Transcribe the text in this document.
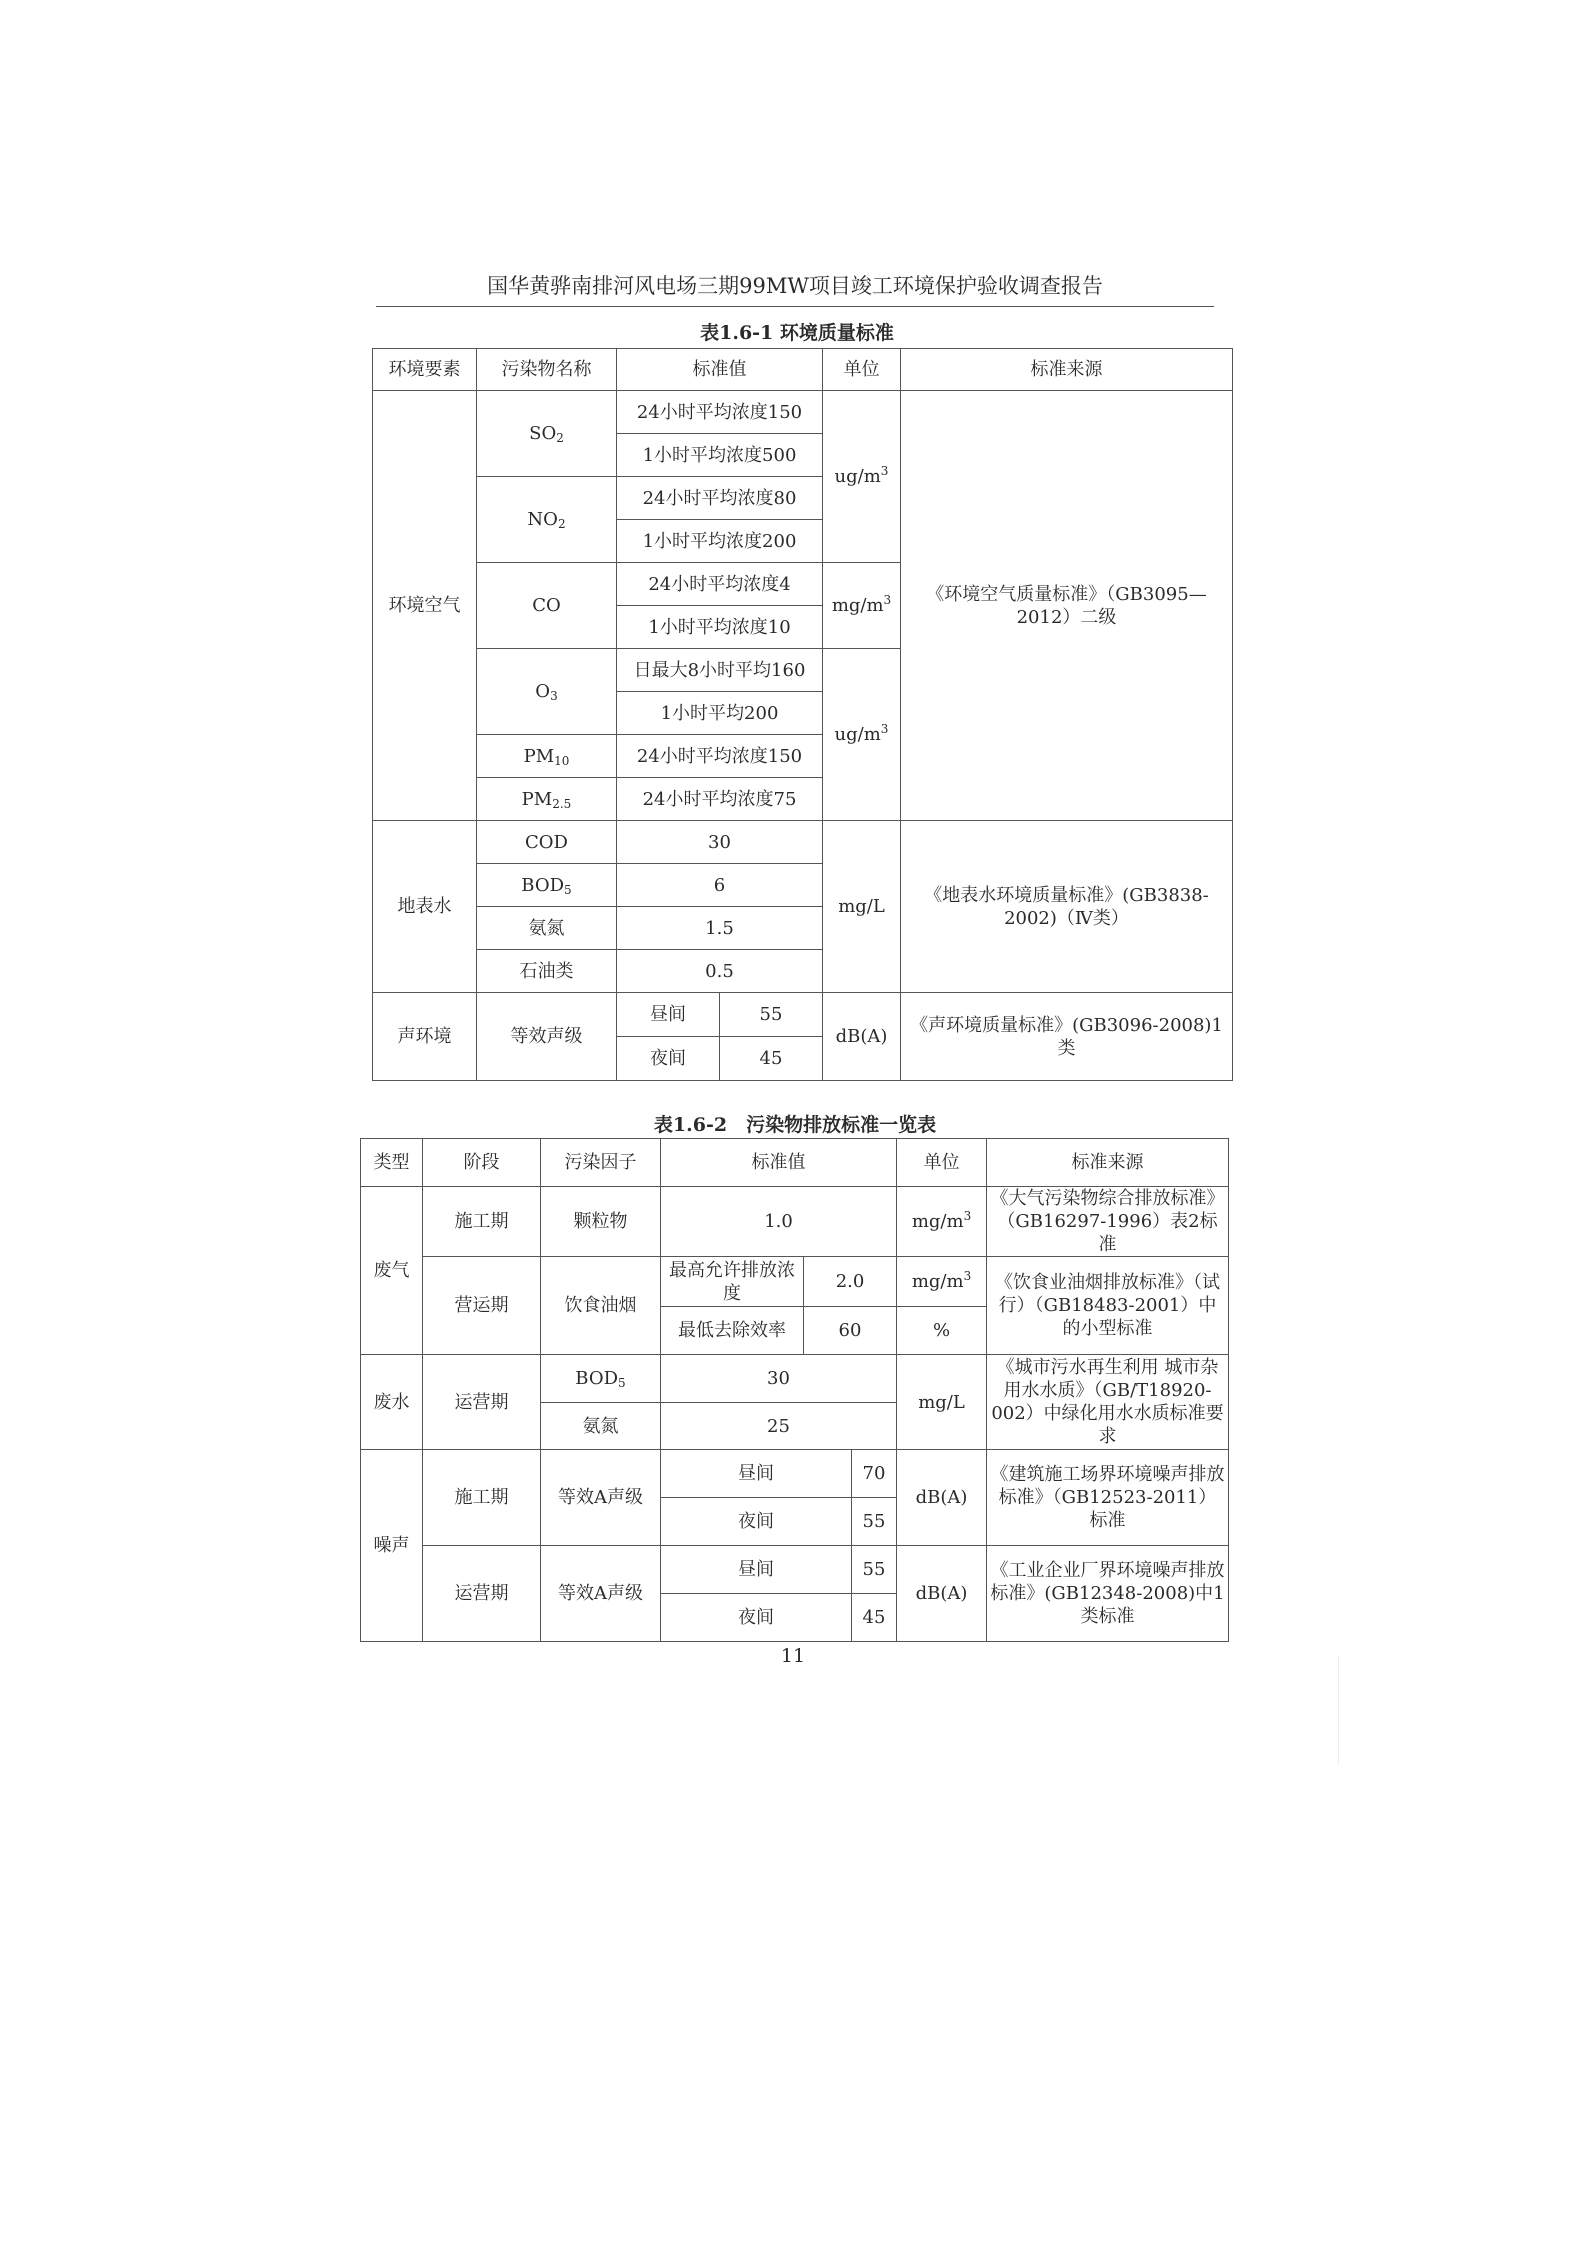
国华黄骅南排河风电场三期99MW项目竣工环境保护验收调查报告
表1.6-1 环境质量标准
环境要素	污染物名称	标准值	单位	标准来源
环境空气	$SO_2$	24小时平均浓度150	$ug/m^3$	《环境空气质量标准》（GB3095—2012）二级
		1小时平均浓度500		
	$NO_2$	24小时平均浓度80		
		1小时平均浓度200		
	CO	24小时平均浓度4	$mg/m^3$
		1小时平均浓度10		
	$O_3$	日最大8小时平均160	$ug/m^3$
		1小时平均200		
	$PM_{10}$	24小时平均浓度150		
	$PM_{2.5}$	24小时平均浓度75		
地表水	COD	30	mg/L	《地表水环境质量标准》(GB3838-2002)（Ⅳ类）
	$BOD_5$	6		
	氨氮	1.5		
	石油类	0.5		
声环境	等效声级	昼间 55	dB(A)	《声环境质量标准》(GB3096-2008)1类

夜间 45		
表1.6-2　污染物排放标准一览表
类型	阶段	污染因子	标准值			单位	标准来源
废气	施工期	颗粒物	1.0			$mg/m^3$	《大气污染物综合排放标准》（GB16297-1996）表2标准
	营运期	饮食油烟	最高允许排放浓度	2.0		$mg/m^3$	《饮食业油烟排放标准》（试行）（GB18483-2001）中的小型标准
			最低去除效率	60		%	
废水	运营期	$BOD_5$	30			mg/L	《城市污水再生利用 城市杂用水水质》（GB/T18920-002）中绿化用水水质标准要求
		氨氮	25				
噪声	施工期	等效A声级	昼间		70	dB(A)	《建筑施工场界环境噪声排放标准》（GB12523-2011）标准
			夜间		55		
	运营期	等效A声级	昼间		55	dB(A)	《工业企业厂界环境噪声排放标准》(GB12348-2008)中1类标准
			夜间		45		
11
